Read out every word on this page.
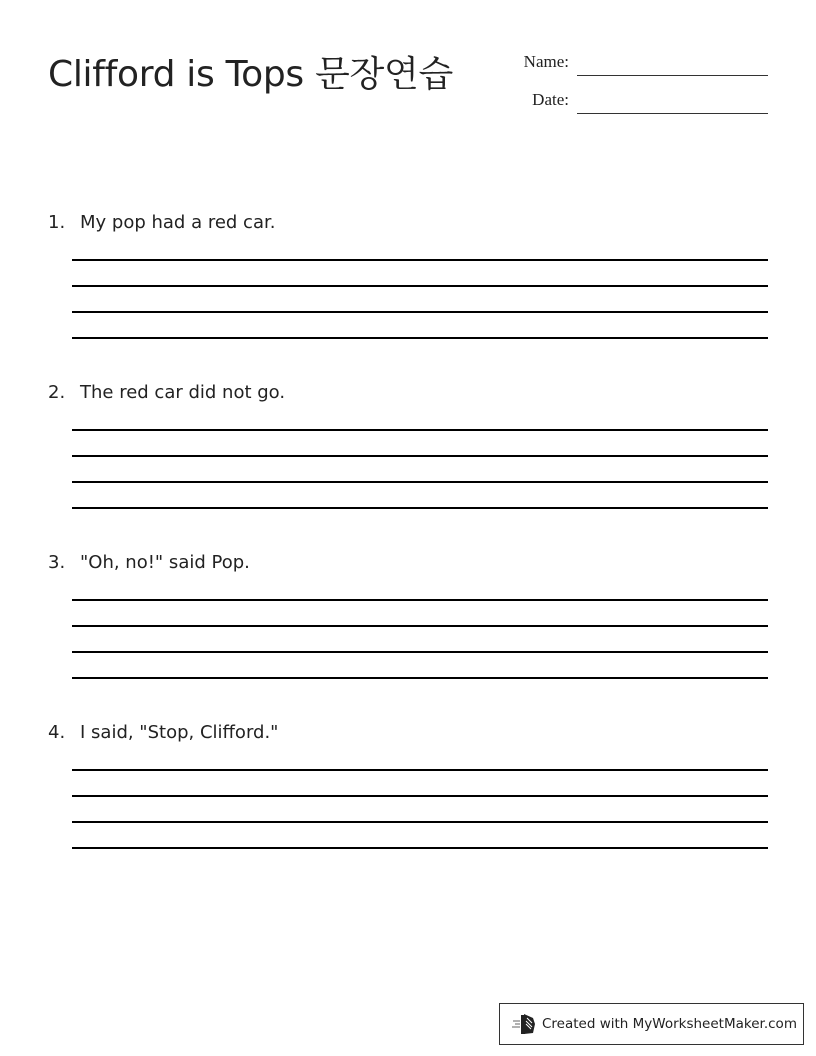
Clifford is Tops 문장연습	Name:
Date:
1. My pop had a red car.
2. The red car did not go.
3. "Oh, no!" said Pop.
4. I said, "Stop, Clifford."
Created with MyWorksheetMaker.com
